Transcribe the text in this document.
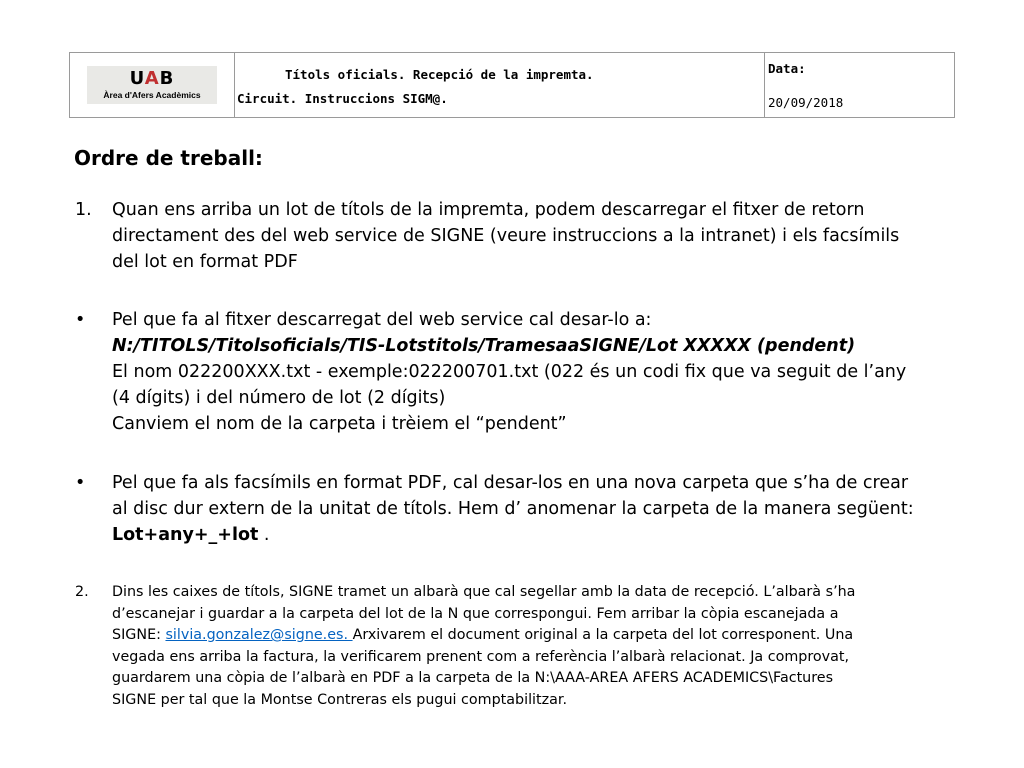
UAB
Àrea d'Afers Acadèmics
Títols oficials. Recepció de la impremta.
Circuit. Instruccions SIGM@.
Data:
20/09/2018
Ordre de treball:
1. Quan ens arriba un lot de títols de la impremta, podem descarregar el fitxer de retorn
directament des del web service de SIGNE (veure instruccions a la intranet) i els facsímils
del lot en format PDF
• Pel que fa al fitxer descarregat del web service cal desar-lo a:
N:/TITOLS/Titolsoficials/TIS-Lotstitols/TramesaaSIGNE/Lot XXXXX (pendent)
El nom 022200XXX.txt - exemple:022200701.txt (022 és un codi fix que va seguit de l’any
(4 dígits) i del número de lot (2 dígits)
Canviem el nom de la carpeta i trèiem el “pendent”
• Pel que fa als facsímils en format PDF, cal desar-los en una nova carpeta que s’ha de crear
al disc dur extern de la unitat de títols. Hem d’ anomenar la carpeta de la manera següent:
Lot+any+_+lot .
2. Dins les caixes de títols, SIGNE tramet un albarà que cal segellar amb la data de recepció. L’albarà s’ha
d’escanejar i guardar a la carpeta del lot de la N que correspongui. Fem arribar la còpia escanejada a
SIGNE: silvia.gonzalez@signe.es. Arxivarem el document original a la carpeta del lot corresponent. Una
vegada ens arriba la factura, la verificarem prenent com a referència l’albarà relacionat. Ja comprovat,
guardarem una còpia de l’albarà en PDF a la carpeta de la N:\AAA-AREA AFERS ACADEMICS\Factures
SIGNE per tal que la Montse Contreras els pugui comptabilitzar.
